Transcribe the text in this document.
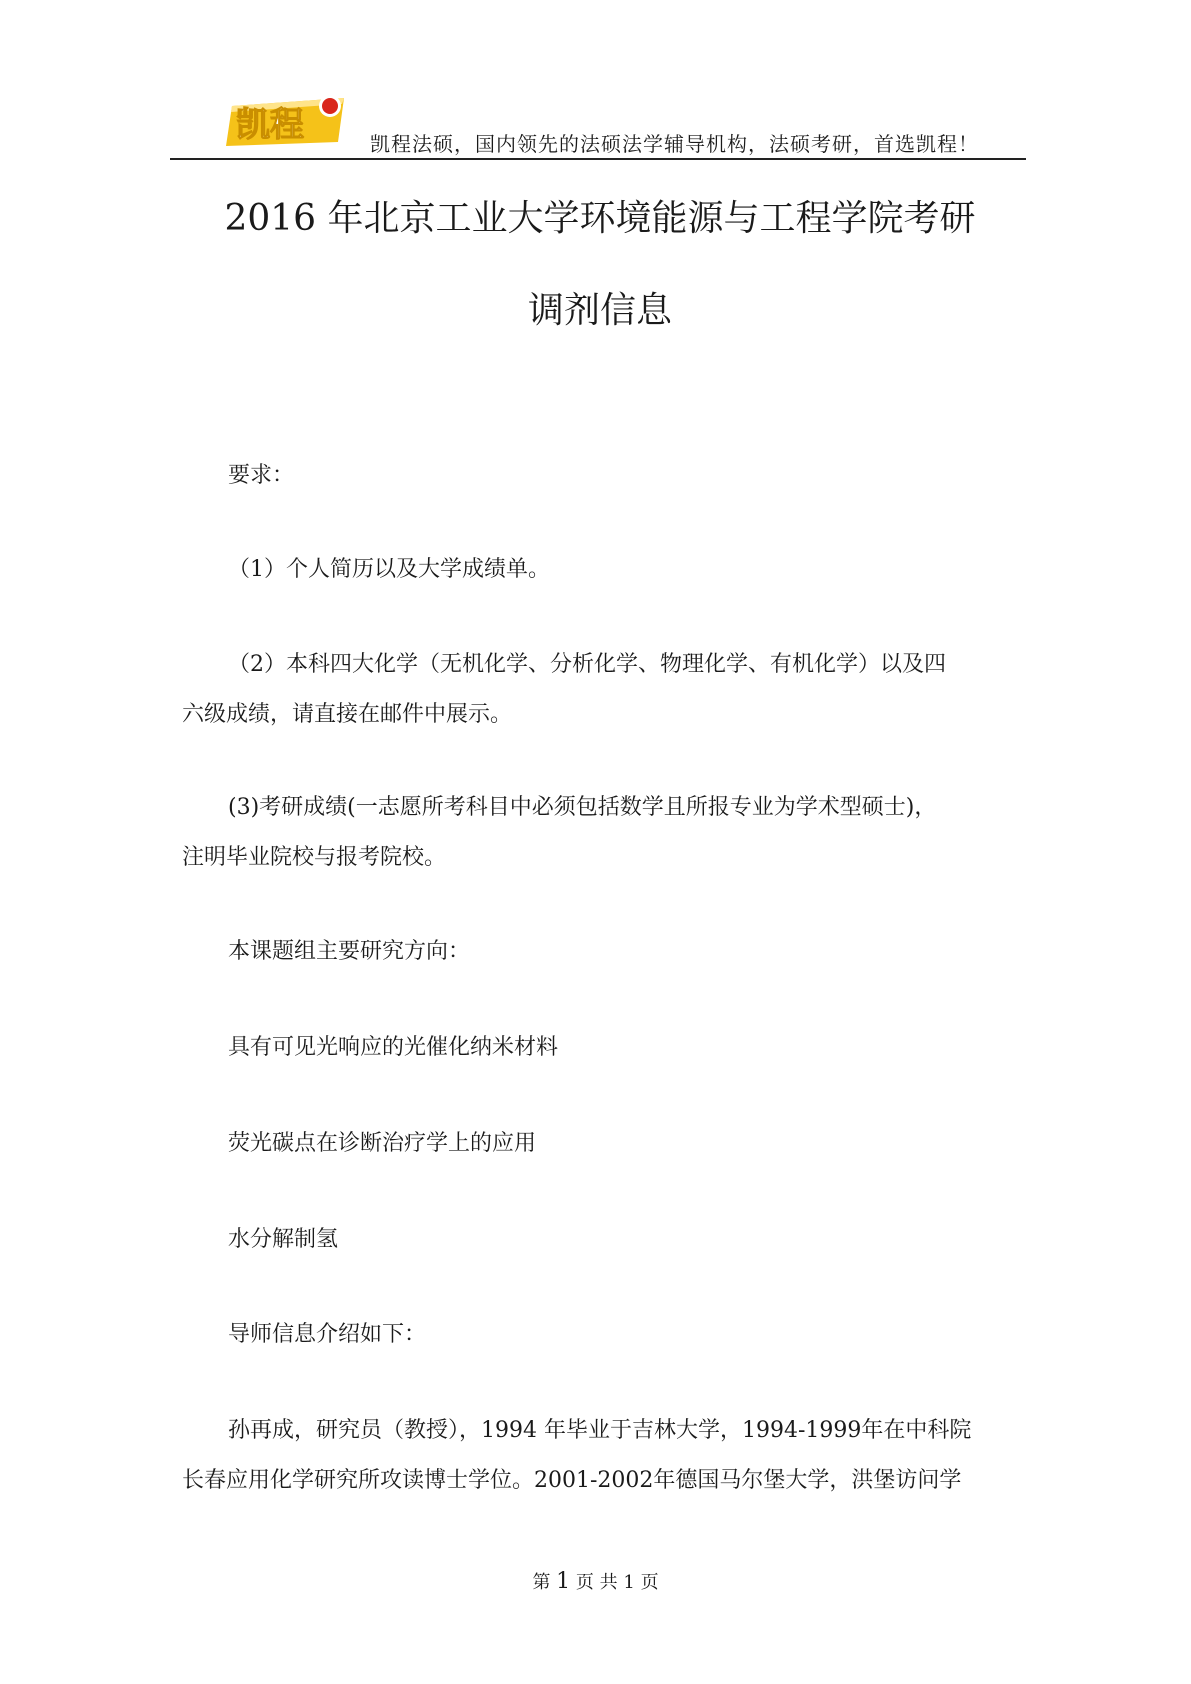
凯程	凯程法硕，国内领先的法硕法学辅导机构，法硕考研，首选凯程！
2016 年北京工业大学环境能源与工程学院考研
调剂信息
要求：
（1）个人简历以及大学成绩单。
（2）本科四大化学（无机化学、分析化学、物理化学、有机化学）以及四
六级成绩，请直接在邮件中展示。
(3)考研成绩(一志愿所考科目中必须包括数学且所报专业为学术型硕士)，
注明毕业院校与报考院校。
本课题组主要研究方向：
具有可见光响应的光催化纳米材料
荧光碳点在诊断治疗学上的应用
水分解制氢
导师信息介绍如下：
孙再成，研究员（教授），1994 年毕业于吉林大学，1994-1999年在中科院
长春应用化学研究所攻读博士学位。2001-2002年德国马尔堡大学，洪堡访问学
第 1 页 共 1 页
